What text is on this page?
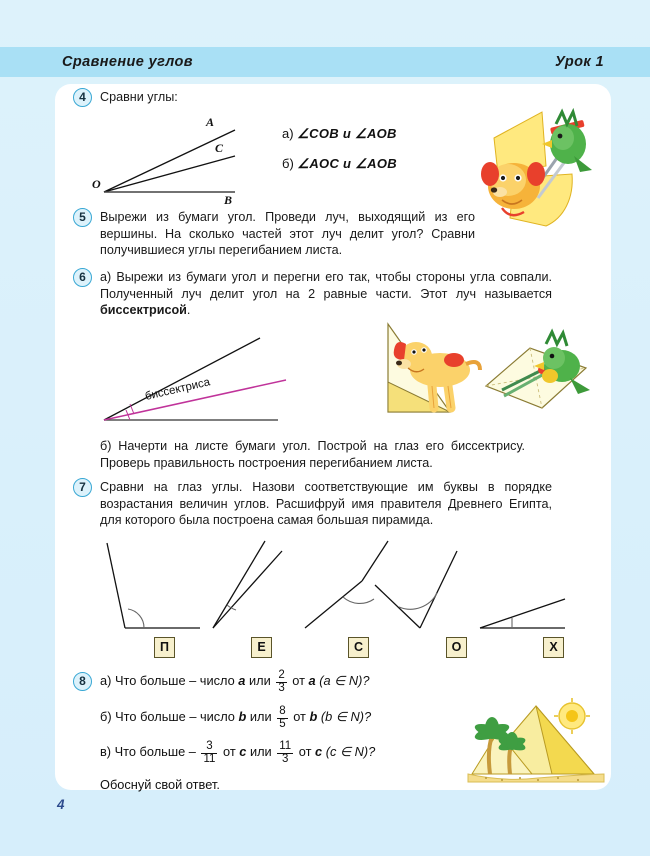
Сравнение углов	Урок 1
4	Сравни углы:
A
C
B
O
а) ∠COB и ∠AOB
б) ∠AOC и ∠AOB
5	Вырежи из бумаги угол. Проведи луч, выходящий из его вершины. На сколько частей этот луч делит угол? Сравни получившиеся углы перегибанием листа.
6	а) Вырежи из бумаги угол и перегни его так, чтобы стороны угла совпали. Полученный луч делит угол на 2 равные части. Этот луч называется биссектрисой.
биссектриса
б) Начерти на листе бумаги угол. Построй на глаз его биссектрису. Проверь правильность построения перегибанием листа.
7	Сравни на глаз углы. Назови соответствующие им буквы в порядке возрастания величин углов. Расшифруй имя правителя Древнего Египта, для которого была построена самая большая пирамида.
П	Е	С	О	Х
8	а) Что больше – число a или $\frac{2}{3}$ от a (a ∈ N)?
б) Что больше – число b или $\frac{8}{5}$ от b (b ∈ N)?
в) Что больше – $\frac{3}{11}$ от c или $\frac{11}{3}$ от c (c ∈ N)?
Обоснуй свой ответ.
4
